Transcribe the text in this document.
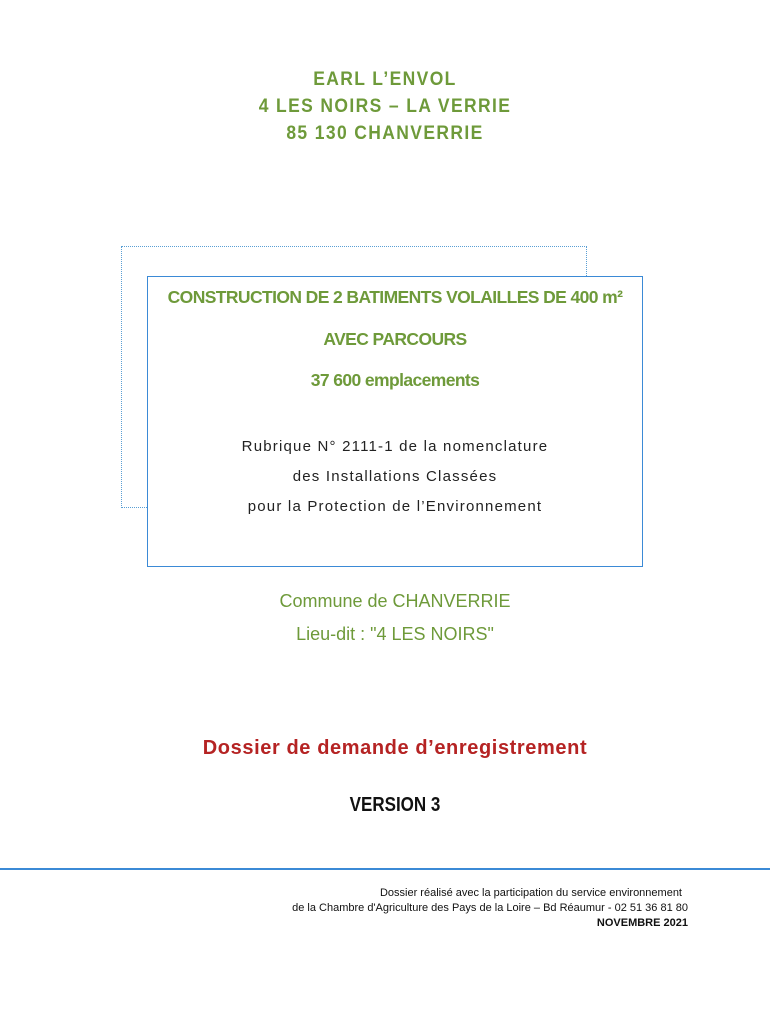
EARL L’ENVOL
4 LES NOIRS – LA VERRIE
85 130 CHANVERRIE
CONSTRUCTION DE 2 BATIMENTS VOLAILLES DE 400 m²
AVEC PARCOURS
37 600 emplacements
Rubrique N° 2111-1 de la nomenclature
des Installations Classées
pour la Protection de l’Environnement
Commune de CHANVERRIE
Lieu-dit : "4 LES NOIRS"
Dossier de demande d’enregistrement
VERSION 3
Dossier réalisé avec la participation du service environnement
de la Chambre d'Agriculture des Pays de la Loire – Bd Réaumur - 02 51 36 81 80
NOVEMBRE 2021
